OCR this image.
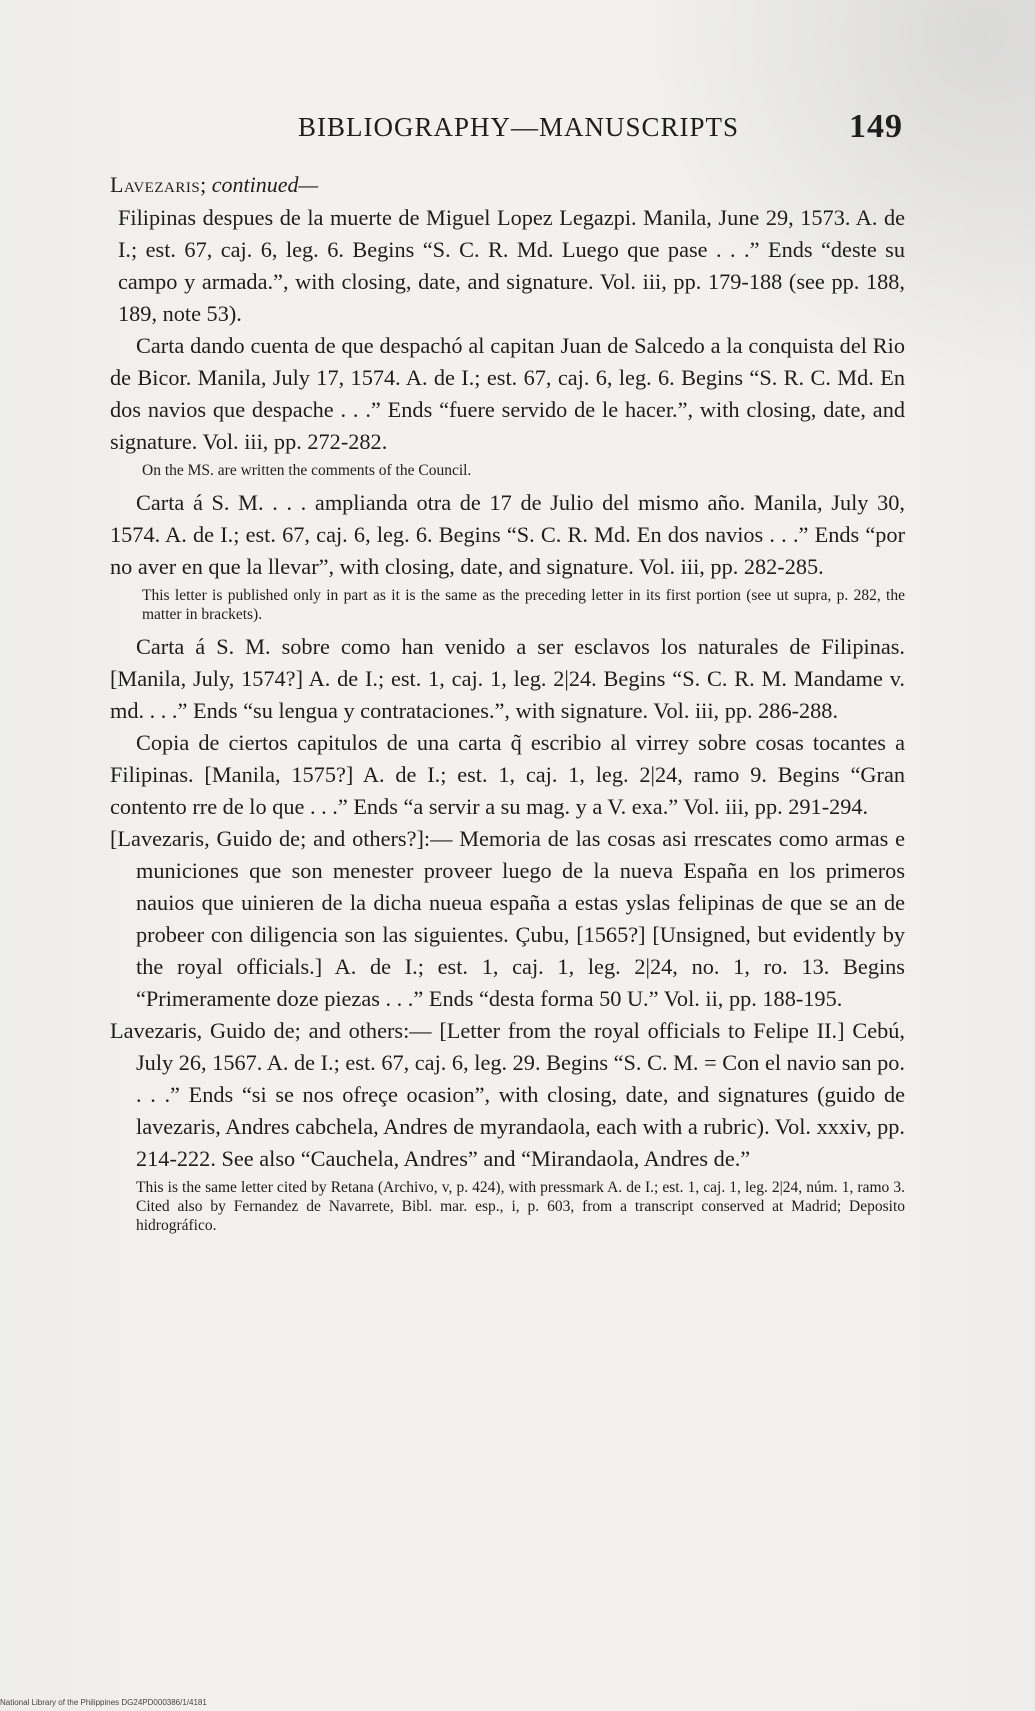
BIBLIOGRAPHY—MANUSCRIPTS	149
Lavezaris; continued—

Filipinas despues de la muerte de Miguel Lopez Legazpi. Manila, June 29, 1573. A. de I.; est. 67, caj. 6, leg. 6. Begins “S. C. R. Md. Luego que pase . . .” Ends “deste su campo y armada.”, with closing, date, and signature. Vol. iii, pp. 179-188 (see pp. 188, 189, note 53).

Carta dando cuenta de que despachó al capitan Juan de Salcedo a la conquista del Rio de Bicor. Manila, July 17, 1574. A. de I.; est. 67, caj. 6, leg. 6. Begins “S. R. C. Md. En dos navios que despache . . .” Ends “fuere servido de le hacer.”, with closing, date, and signature. Vol. iii, pp. 272-282.

On the MS. are written the comments of the Council.

Carta á S. M. . . . amplianda otra de 17 de Julio del mismo año. Manila, July 30, 1574. A. de I.; est. 67, caj. 6, leg. 6. Begins “S. C. R. Md. En dos navios . . .” Ends “por no aver en que la llevar”, with closing, date, and signature. Vol. iii, pp. 282-285.

This letter is published only in part as it is the same as the preceding letter in its first portion (see ut supra, p. 282, the matter in brackets).

Carta á S. M. sobre como han venido a ser esclavos los naturales de Filipinas. [Manila, July, 1574?] A. de I.; est. 1, caj. 1, leg. 2|24. Begins “S. C. R. M. Mandame v. md. . . .” Ends “su lengua y contrataciones.”, with signature. Vol. iii, pp. 286-288.

Copia de ciertos capitulos de una carta q̃ escribio al virrey sobre cosas tocantes a Filipinas. [Manila, 1575?] A. de I.; est. 1, caj. 1, leg. 2|24, ramo 9. Begins “Gran contento rre de lo que . . .” Ends “a servir a su mag. y a V. exa.” Vol. iii, pp. 291-294.

[Lavezaris, Guido de; and others?]:— Memoria de las cosas asi rrescates como armas e municiones que son menester proveer luego de la nueva España en los primeros nauios que uinieren de la dicha nueua españa a estas yslas felipinas de que se an de probeer con diligencia son las siguientes. Çubu, [1565?] [Unsigned, but evidently by the royal officials.] A. de I.; est. 1, caj. 1, leg. 2|24, no. 1, ro. 13. Begins “Primeramente doze piezas . . .” Ends “desta forma 50 U.” Vol. ii, pp. 188-195.

Lavezaris, Guido de; and others:— [Letter from the royal officials to Felipe II.] Cebú, July 26, 1567. A. de I.; est. 67, caj. 6, leg. 29. Begins “S. C. M. = Con el navio san po. . . .” Ends “si se nos ofreçe ocasion”, with closing, date, and signatures (guido de lavezaris, Andres cabchela, Andres de myrandaola, each with a rubric). Vol. xxxiv, pp. 214-222. See also “Cauchela, Andres” and “Mirandaola, Andres de.”

This is the same letter cited by Retana (Archivo, v, p. 424), with pressmark A. de I.; est. 1, caj. 1, leg. 2|24, núm. 1, ramo 3. Cited also by Fernandez de Navarrete, Bibl. mar. esp., i, p. 603, from a transcript conserved at Madrid; Deposito hidrográfico.

National Library of the Philippines DG24PD000386/1/4181
